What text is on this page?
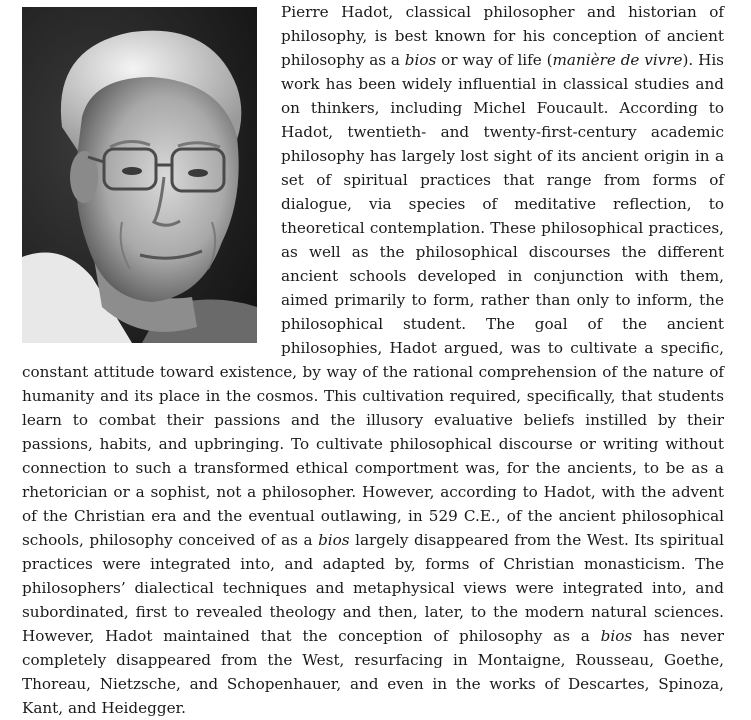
Pierre Hadot, classical philosopher and historian of philosophy, is best known for his conception of ancient philosophy as a bios or way of life (manière de vivre). His work has been widely influential in classical studies and on thinkers, including Michel Foucault. According to Hadot, twentieth- and twenty-first-century academic philosophy has largely lost sight of its ancient origin in a set of spiritual practices that range from forms of dialogue, via species of meditative reflection, to theoretical contemplation. These philosophical practices, as well as the philosophical discourses the different ancient schools developed in conjunction with them, aimed primarily to form, rather than only to inform, the philosophical student. The goal of the ancient philosophies, Hadot argued, was to cultivate a specific, constant attitude toward existence, by way of the rational comprehension of the nature of humanity and its place in the cosmos. This cultivation required, specifically, that students learn to combat their passions and the illusory evaluative beliefs instilled by their passions, habits, and upbringing. To cultivate philosophical discourse or writing without connection to such a transformed ethical comportment was, for the ancients, to be as a rhetorician or a sophist, not a philosopher. However, according to Hadot, with the advent of the Christian era and the eventual outlawing, in 529 C.E., of the ancient philosophical schools, philosophy conceived of as a bios largely disappeared from the West. Its spiritual practices were integrated into, and adapted by, forms of Christian monasticism. The philosophers’ dialectical techniques and metaphysical views were integrated into, and subordinated, first to revealed theology and then, later, to the modern natural sciences. However, Hadot maintained that the conception of philosophy as a bios has never completely disappeared from the West, resurfacing in Montaigne, Rousseau, Goethe, Thoreau, Nietzsche, and Schopenhauer, and even in the works of Descartes, Spinoza, Kant, and Heidegger.
